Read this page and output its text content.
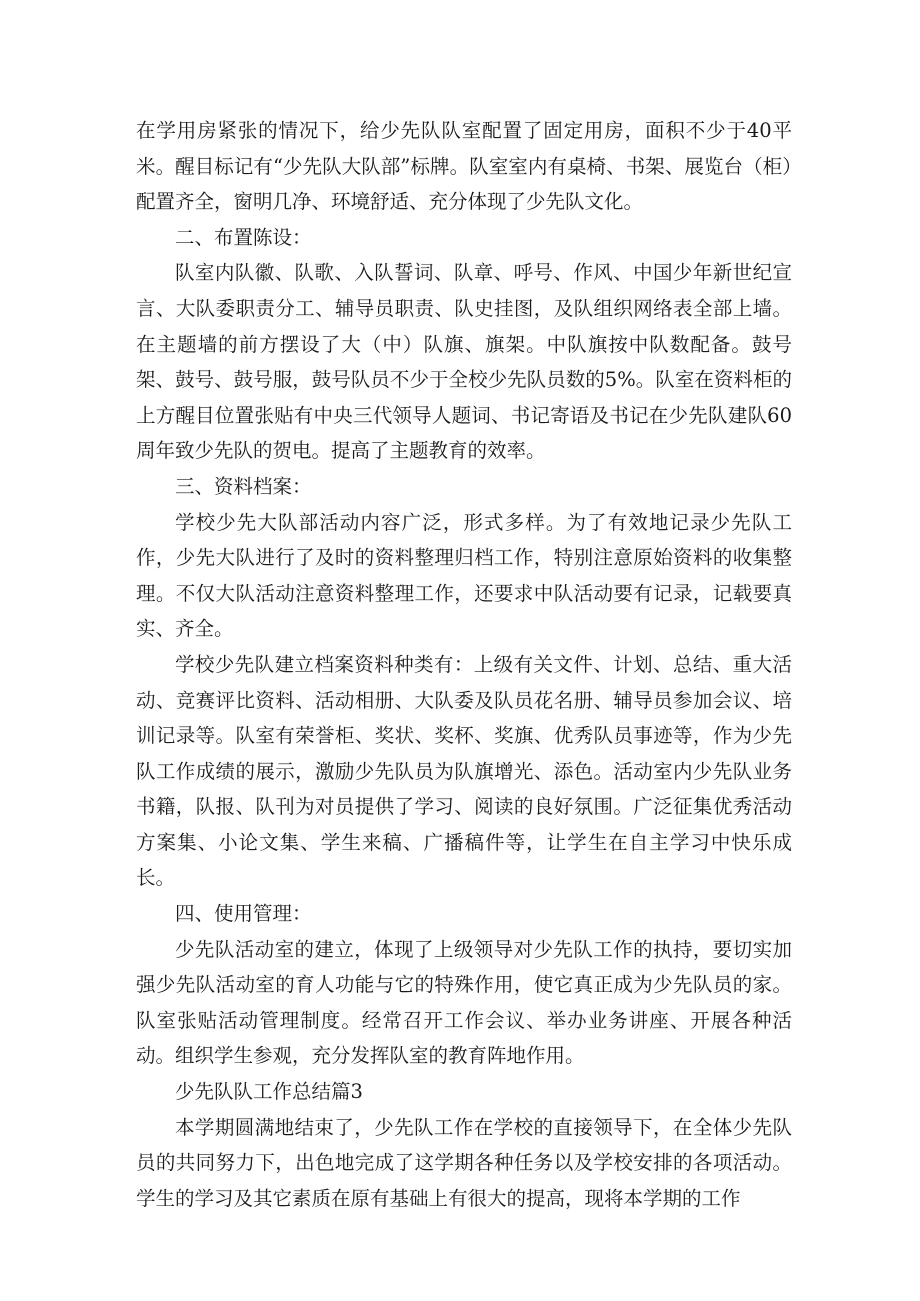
在学用房紧张的情况下，给少先队队室配置了固定用房，面积不少于40平米。醒目标记有“少先队大队部”标牌。队室室内有桌椅、书架、展览台（柜）配置齐全，窗明几净、环境舒适、充分体现了少先队文化。

二、布置陈设：

队室内队徽、队歌、入队誓词、队章、呼号、作风、中国少年新世纪宣言、大队委职责分工、辅导员职责、队史挂图，及队组织网络表全部上墙。在主题墙的前方摆设了大（中）队旗、旗架。中队旗按中队数配备。鼓号架、鼓号、鼓号服，鼓号队员不少于全校少先队员数的5%。队室在资料柜的上方醒目位置张贴有中央三代领导人题词、书记寄语及书记在少先队建队60周年致少先队的贺电。提高了主题教育的效率。

三、资料档案：

学校少先大队部活动内容广泛，形式多样。为了有效地记录少先队工作，少先大队进行了及时的资料整理归档工作，特别注意原始资料的收集整理。不仅大队活动注意资料整理工作，还要求中队活动要有记录，记载要真实、齐全。

学校少先队建立档案资料种类有：上级有关文件、计划、总结、重大活动、竞赛评比资料、活动相册、大队委及队员花名册、辅导员参加会议、培训记录等。队室有荣誉柜、奖状、奖杯、奖旗、优秀队员事迹等，作为少先队工作成绩的展示，激励少先队员为队旗增光、添色。活动室内少先队业务书籍，队报、队刊为对员提供了学习、阅读的良好氛围。广泛征集优秀活动方案集、小论文集、学生来稿、广播稿件等，让学生在自主学习中快乐成长。

四、使用管理：

少先队活动室的建立，体现了上级领导对少先队工作的执持，要切实加强少先队活动室的育人功能与它的特殊作用，使它真正成为少先队员的家。队室张贴活动管理制度。经常召开工作会议、举办业务讲座、开展各种活动。组织学生参观，充分发挥队室的教育阵地作用。

少先队队工作总结篇3

本学期圆满地结束了，少先队工作在学校的直接领导下，在全体少先队员的共同努力下，出色地完成了这学期各种任务以及学校安排的各项活动。学生的学习及其它素质在原有基础上有很大的提高，现将本学期的工作
